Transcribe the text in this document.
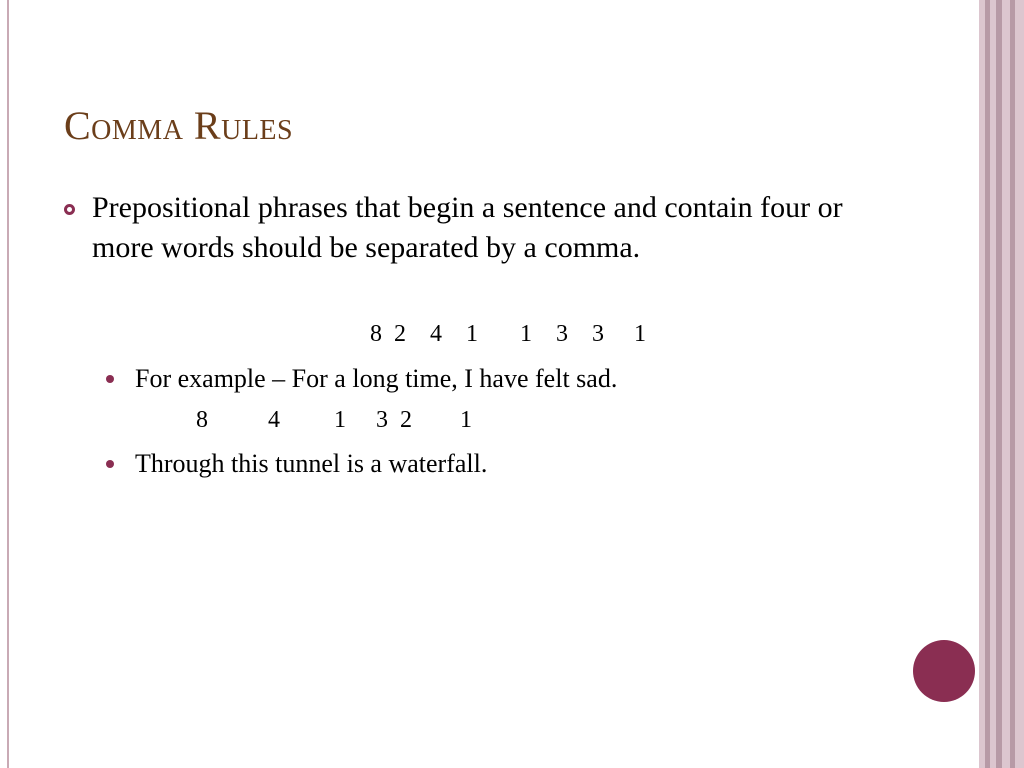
Comma Rules

Prepositional phrases that begin a sentence and contain four or more words should be separated by a comma.

8  2    4    1       1    3    3     1

For example – For a long time, I have felt sad.

8          4         1     3  2        1

Through this tunnel is a waterfall.
